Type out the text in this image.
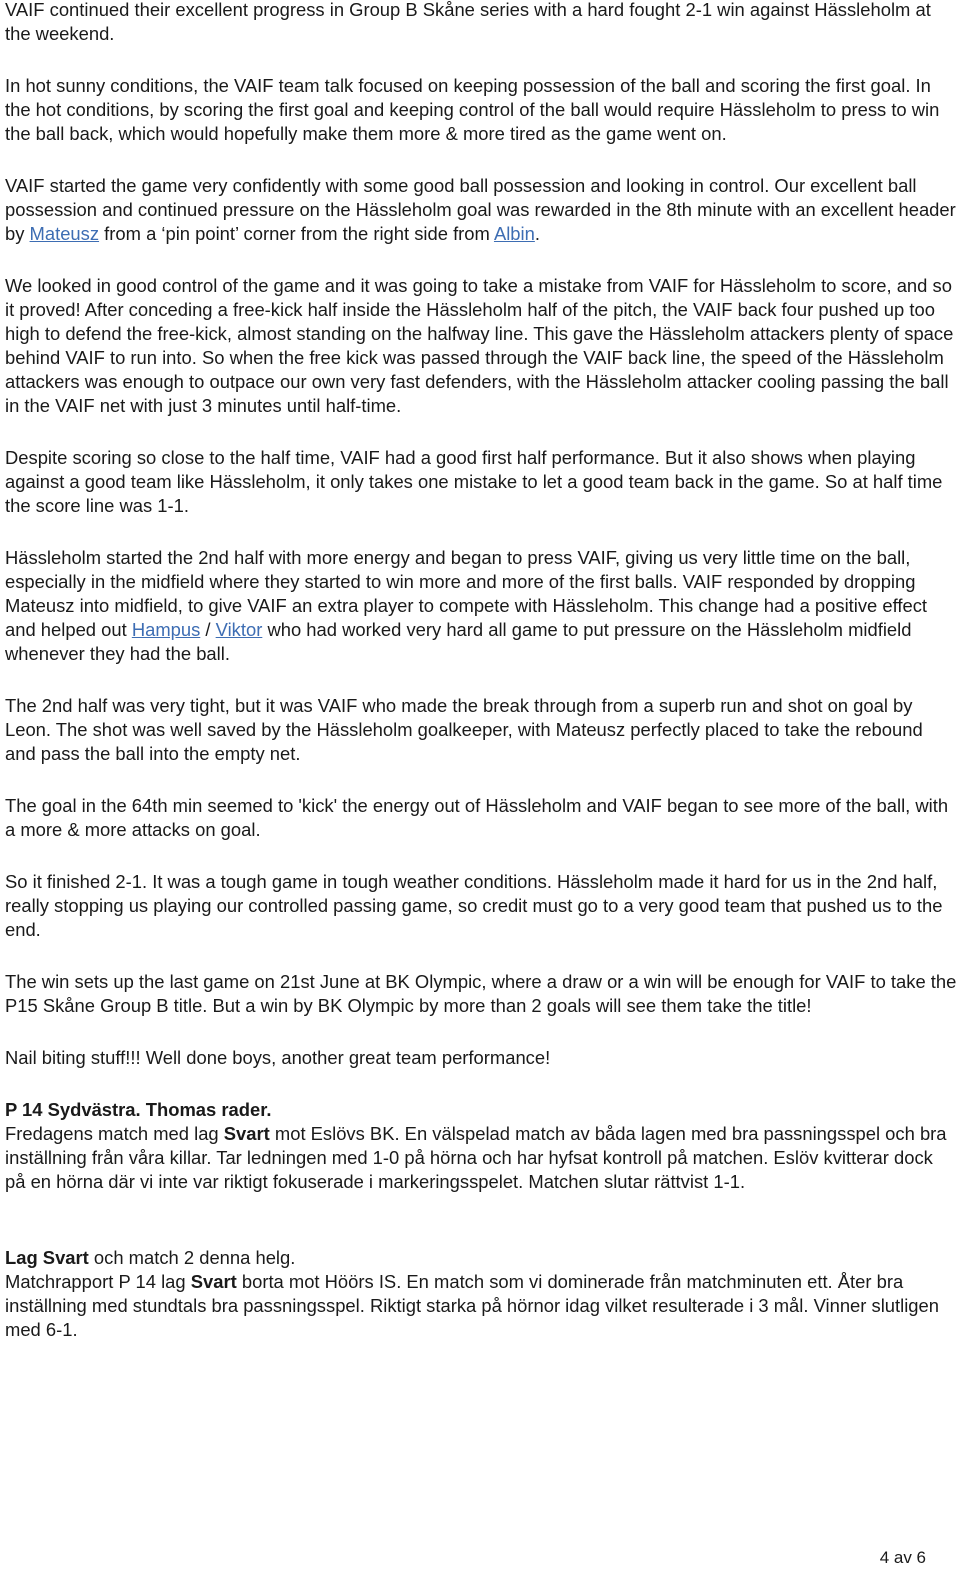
VAIF continued their excellent progress in Group B Skåne series with a hard fought 2-1 win against Hässleholm at the weekend.

In hot sunny conditions, the VAIF team talk focused on keeping possession of the ball and scoring the first goal. In the hot conditions, by scoring the first goal and keeping control of the ball would require Hässleholm to press to win the ball back, which would hopefully make them more & more tired as the game went on.

VAIF started the game very confidently with some good ball possession and looking in control. Our excellent ball possession and continued pressure on the Hässleholm goal was rewarded in the 8th minute with an excellent header by Mateusz from a ‘pin point’ corner from the right side from Albin.

We looked in good control of the game and it was going to take a mistake from VAIF for Hässleholm to score, and so it proved! After conceding a free-kick half inside the Hässleholm half of the pitch, the VAIF back four pushed up too high to defend the free-kick, almost standing on the halfway line. This gave the Hässleholm attackers plenty of space behind VAIF to run into. So when the free kick was passed through the VAIF back line, the speed of the Hässleholm attackers was enough to outpace our own very fast defenders, with the Hässleholm attacker cooling passing the ball in the VAIF net with just 3 minutes until half-time.

Despite scoring so close to the half time, VAIF had a good first half performance. But it also shows when playing against a good team like Hässleholm, it only takes one mistake to let a good team back in the game. So at half time the score line was 1-1.

Hässleholm started the 2nd half with more energy and began to press VAIF, giving us very little time on the ball, especially in the midfield where they started to win more and more of the first balls. VAIF responded by dropping Mateusz into midfield, to give VAIF an extra player to compete with Hässleholm. This change had a positive effect and helped out Hampus / Viktor who had worked very hard all game to put pressure on the Hässleholm midfield whenever they had the ball.

The 2nd half was very tight, but it was VAIF who made the break through from a superb run and shot on goal by Leon. The shot was well saved by the Hässleholm goalkeeper, with Mateusz perfectly placed to take the rebound and pass the ball into the empty net.

The goal in the 64th min seemed to 'kick' the energy out of Hässleholm and VAIF began to see more of the ball, with a more & more attacks on goal.

So it finished 2-1. It was a tough game in tough weather conditions. Hässleholm made it hard for us in the 2nd half, really stopping us playing our controlled passing game, so credit must go to a very good team that pushed us to the end.

The win sets up the last game on 21st June at BK Olympic, where a draw or a win will be enough for VAIF to take the P15 Skåne Group B title. But a win by BK Olympic by more than 2 goals will see them take the title!

Nail biting stuff!!! Well done boys, another great team performance!

P 14 Sydvästra. Thomas rader.
Fredagens match med lag Svart mot Eslövs BK. En välspelad match av båda lagen med bra passningsspel och bra inställning från våra killar. Tar ledningen med 1-0 på hörna och har hyfsat kontroll på matchen. Eslöv kvitterar dock på en hörna där vi inte var riktigt fokuserade i markeringsspelet. Matchen slutar rättvist 1-1.

Lag Svart och match 2 denna helg.
Matchrapport P 14 lag Svart borta mot Höörs IS. En match som vi dominerade från matchminuten ett. Åter bra inställning med stundtals bra passningsspel. Riktigt starka på hörnor idag vilket resulterade i 3 mål. Vinner slutligen med 6-1.

4 av 6
